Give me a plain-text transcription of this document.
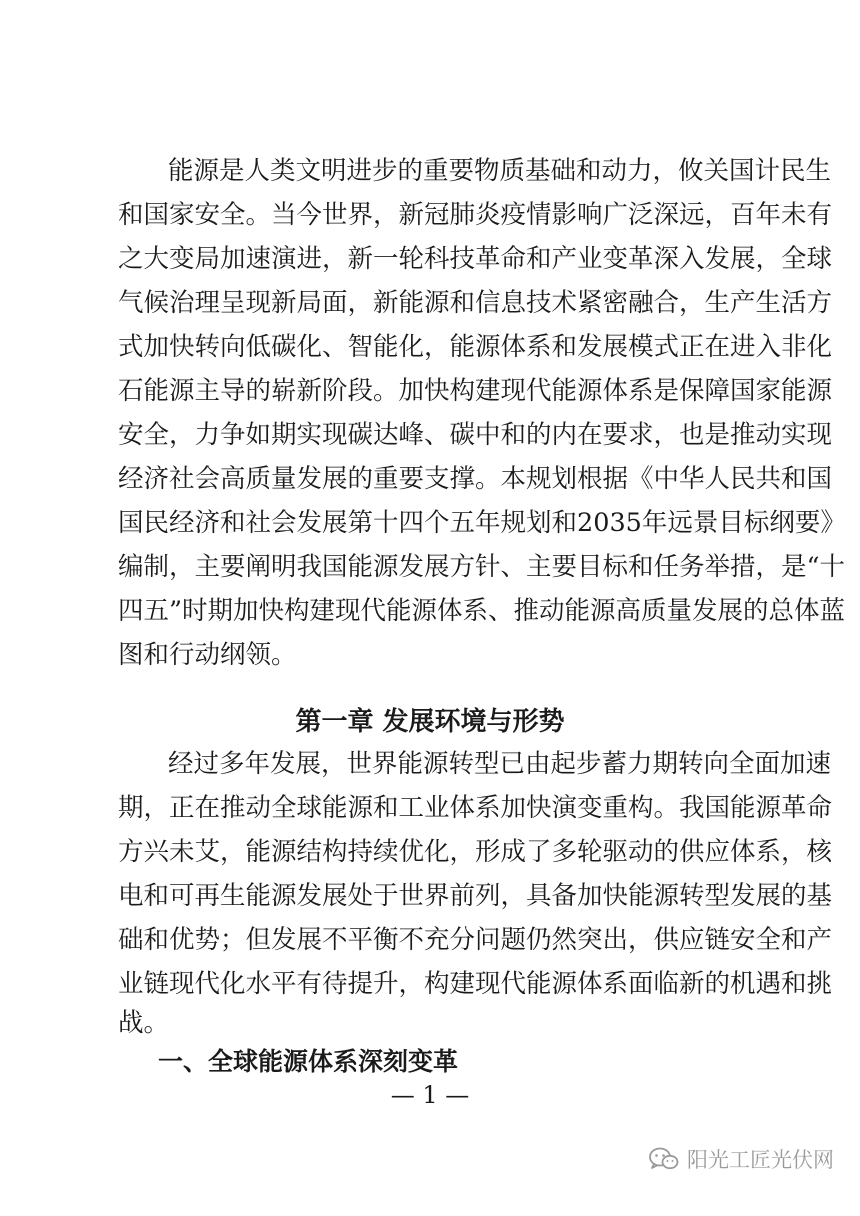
能源是人类文明进步的重要物质基础和动力，攸关国计民生
和国家安全。当今世界，新冠肺炎疫情影响广泛深远，百年未有
之大变局加速演进，新一轮科技革命和产业变革深入发展，全球
气候治理呈现新局面，新能源和信息技术紧密融合，生产生活方
式加快转向低碳化、智能化，能源体系和发展模式正在进入非化
石能源主导的崭新阶段。加快构建现代能源体系是保障国家能源
安全，力争如期实现碳达峰、碳中和的内在要求，也是推动实现
经济社会高质量发展的重要支撑。本规划根据《中华人民共和国
国民经济和社会发展第十四个五年规划和2035年远景目标纲要》
编制，主要阐明我国能源发展方针、主要目标和任务举措，是“十
四五”时期加快构建现代能源体系、推动能源高质量发展的总体蓝
图和行动纲领。
第一章 发展环境与形势
经过多年发展，世界能源转型已由起步蓄力期转向全面加速
期，正在推动全球能源和工业体系加快演变重构。我国能源革命
方兴未艾，能源结构持续优化，形成了多轮驱动的供应体系，核
电和可再生能源发展处于世界前列，具备加快能源转型发展的基
础和优势；但发展不平衡不充分问题仍然突出，供应链安全和产
业链现代化水平有待提升，构建现代能源体系面临新的机遇和挑
战。
一、全球能源体系深刻变革
— 1 —
阳光工匠光伏网
